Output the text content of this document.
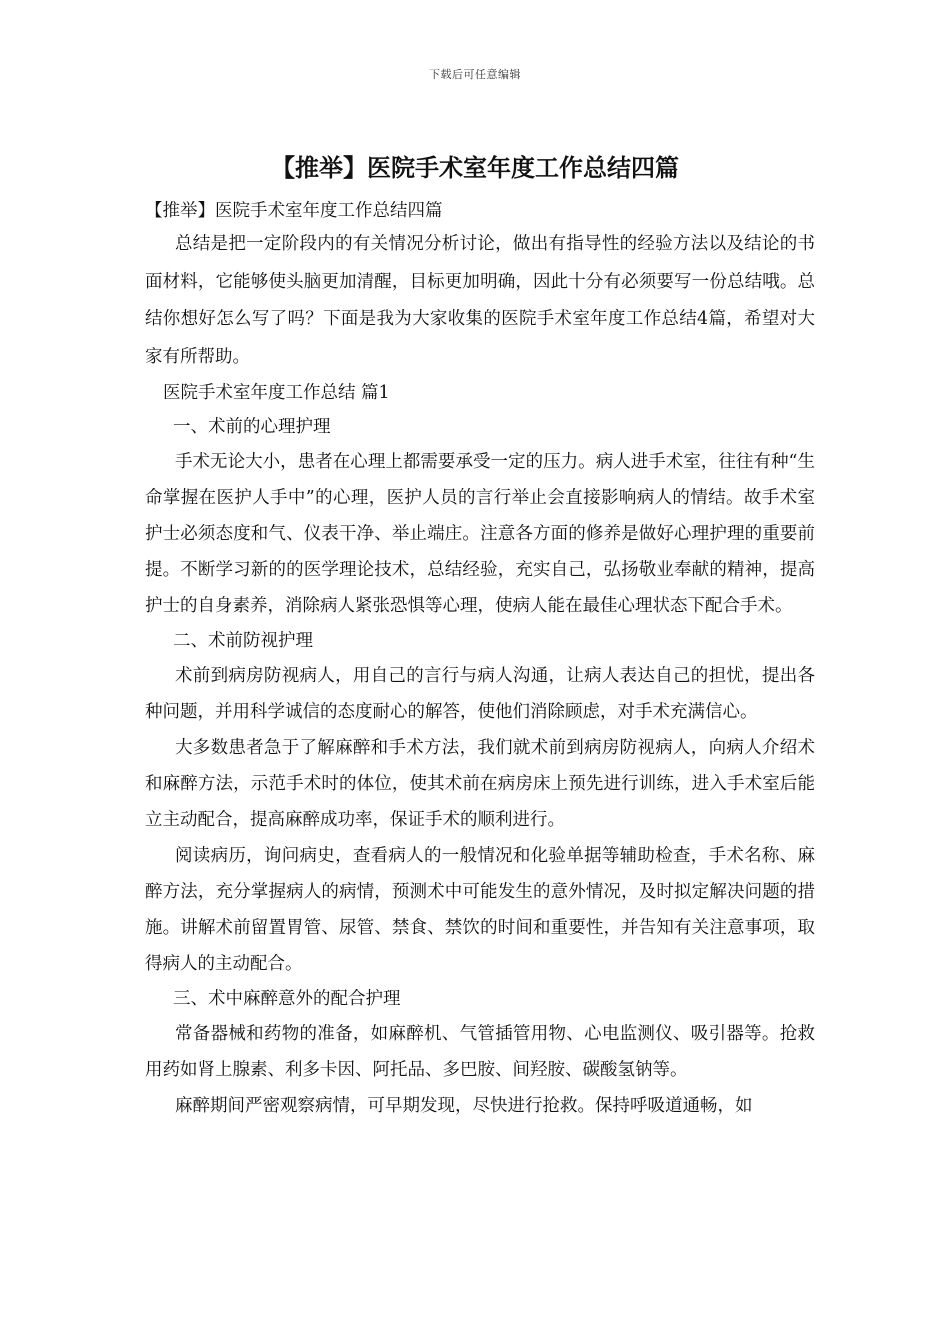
下载后可任意编辑
【推举】医院手术室年度工作总结四篇

【推举】医院手术室年度工作总结四篇

总结是把一定阶段内的有关情况分析讨论，做出有指导性的经验方法以及结论的书面材料，它能够使头脑更加清醒，目标更加明确，因此十分有必须要写一份总结哦。总结你想好怎么写了吗？下面是我为大家收集的医院手术室年度工作总结4篇，希望对大家有所帮助。

医院手术室年度工作总结 篇1

一、术前的心理护理

手术无论大小，患者在心理上都需要承受一定的压力。病人进手术室，往往有种“生命掌握在医护人手中”的心理，医护人员的言行举止会直接影响病人的情结。故手术室护士必须态度和气、仪表干净、举止端庄。注意各方面的修养是做好心理护理的重要前提。不断学习新的的医学理论技术，总结经验，充实自己，弘扬敬业奉献的精神，提高护士的自身素养，消除病人紧张恐惧等心理，使病人能在最佳心理状态下配合手术。

二、术前防视护理

术前到病房防视病人，用自己的言行与病人沟通，让病人表达自己的担忧，提出各种问题，并用科学诚信的态度耐心的解答，使他们消除顾虑，对手术充满信心。

大多数患者急于了解麻醉和手术方法，我们就术前到病房防视病人，向病人介绍术和麻醉方法，示范手术时的体位，使其术前在病房床上预先进行训练，进入手术室后能立主动配合，提高麻醉成功率，保证手术的顺利进行。

阅读病历，询问病史，查看病人的一般情况和化验单据等辅助检查，手术名称、麻醉方法，充分掌握病人的病情，预测术中可能发生的意外情况，及时拟定解决问题的措施。讲解术前留置胃管、尿管、禁食、禁饮的时间和重要性，并告知有关注意事项，取得病人的主动配合。

三、术中麻醉意外的配合护理

常备器械和药物的准备，如麻醉机、气管插管用物、心电监测仪、吸引器等。抢救用药如肾上腺素、利多卡因、阿托品、多巴胺、间羟胺、碳酸氢钠等。

麻醉期间严密观察病情，可早期发现，尽快进行抢救。保持呼吸道通畅，如
